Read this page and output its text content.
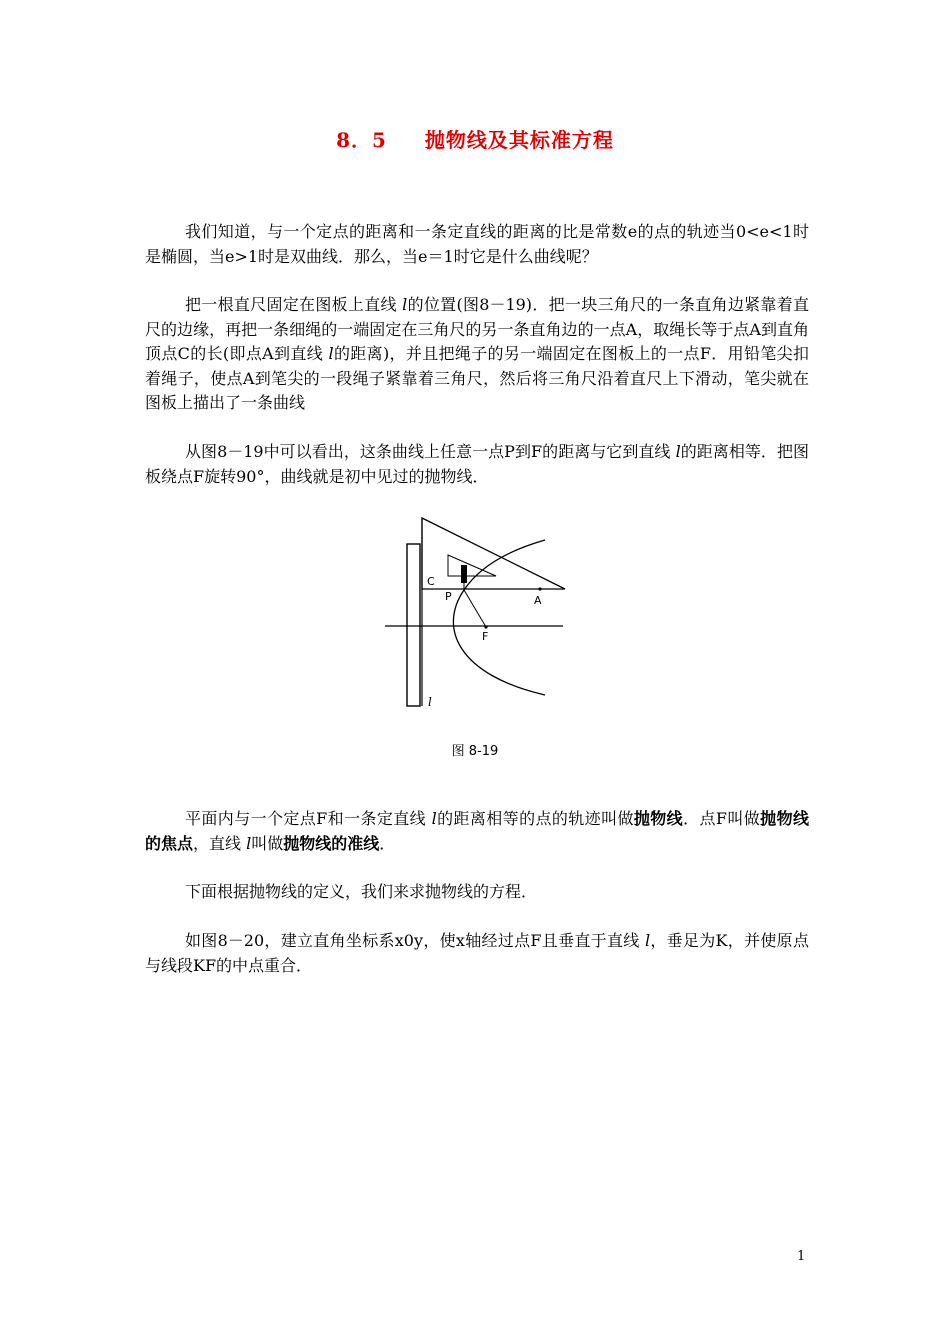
8．5 抛物线及其标准方程

我们知道，与一个定点的距离和一条定直线的距离的比是常数e的点的轨迹当0<e<1时是椭圆，当e>1时是双曲线．那么，当e＝1时它是什么曲线呢？

把一根直尺固定在图板上直线 l的位置(图8－19)．把一块三角尺的一条直角边紧靠着直尺的边缘，再把一条细绳的一端固定在三角尺的另一条直角边的一点A，取绳长等于点A到直角顶点C的长(即点A到直线 l的距离)，并且把绳子的另一端固定在图板上的一点F．用铅笔尖扣着绳子，使点A到笔尖的一段绳子紧靠着三角尺，然后将三角尺沿着直尺上下滑动，笔尖就在图板上描出了一条曲线

从图8－19中可以看出，这条曲线上任意一点P到F的距离与它到直线 l的距离相等．把图板绕点F旋转90°，曲线就是初中见过的抛物线．

C
A
P
F
l
图 8-19

平面内与一个定点F和一条定直线 l的距离相等的点的轨迹叫做抛物线．点F叫做抛物线的焦点，直线 l叫做抛物线的准线．

下面根据抛物线的定义，我们来求抛物线的方程．

如图8－20，建立直角坐标系x0y，使x轴经过点F且垂直于直线 l，垂足为K，并使原点与线段KF的中点重合．

1
